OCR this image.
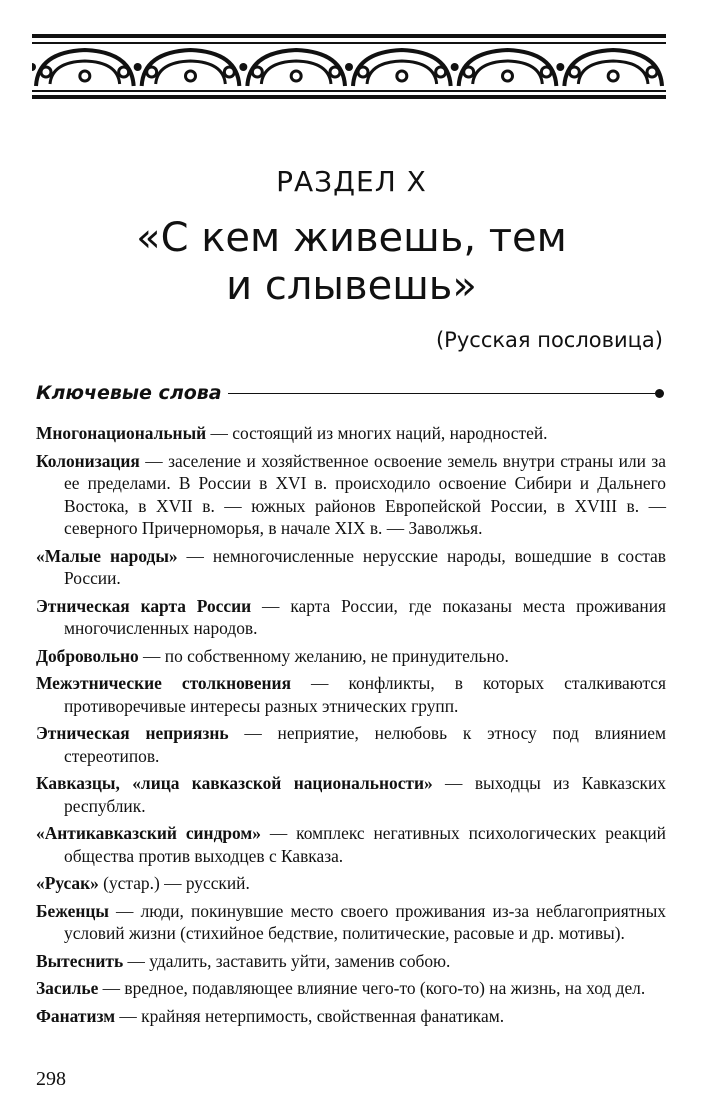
РАЗДЕЛ X
«С кем живешь, тем
и слывешь»
(Русская пословица)
Ключевые слова

Многонациональный — состоящий из многих наций, народностей.

Колонизация — заселение и хозяйственное освоение земель внутри страны или за ее пределами. В России в XVI в. происходило освоение Сибири и Дальнего Востока, в XVII в. — южных районов Европейской России, в XVIII в. — северного Причерноморья, в начале XIX в. — Заволжья.

«Малые народы» — немногочисленные нерусские народы, вошедшие в состав России.

Этническая карта России — карта России, где показаны места проживания многочисленных народов.

Добровольно — по собственному желанию, не принудительно.

Межэтнические столкновения — конфликты, в которых сталкиваются противоречивые интересы разных этнических групп.

Этническая неприязнь — неприятие, нелюбовь к этносу под влиянием стереотипов.

Кавказцы, «лица кавказской национальности» — выходцы из Кавказских республик.

«Антикавказский синдром» — комплекс негативных психологических реакций общества против выходцев с Кавказа.

«Русак» (устар.) — русский.

Беженцы — люди, покинувшие место своего проживания из-за неблагоприятных условий жизни (стихийное бедствие, политические, расовые и др. мотивы).

Вытеснить — удалить, заставить уйти, заменив собою.

Засилье — вредное, подавляющее влияние чего-то (кого-то) на жизнь, на ход дел.

Фанатизм — крайняя нетерпимость, свойственная фанатикам.

298
